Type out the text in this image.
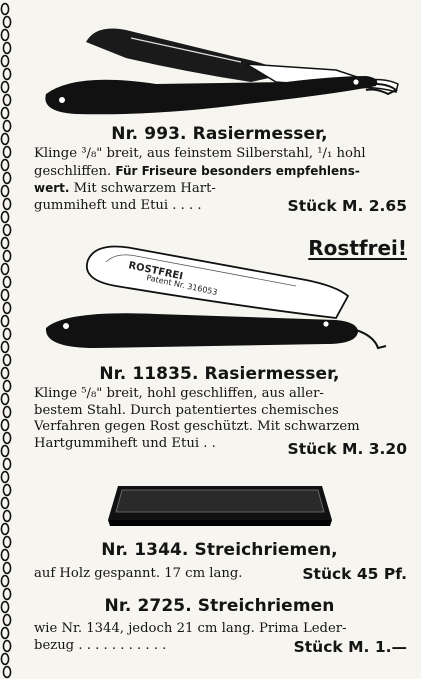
Nr. 993. Rasiermesser,
Klinge ³/₈" breit, aus feinstem Silberstahl, ¹/₁ hohl
geschliffen. Für Friseure besonders empfehlens-
wert. Mit schwarzem Hart-
gummiheft und Etui . . . .	Stück M. 2.65
Rostfrei!
ROSTFREI
Patent Nr. 316053
Nr. 11835. Rasiermesser,
Klinge ⁵/₈" breit, hohl geschliffen, aus aller-
bestem Stahl. Durch patentiertes chemisches
Verfahren gegen Rost geschützt. Mit schwarzem
Hartgummiheft und Etui . .	Stück M. 3.20
Nr. 1344. Streichriemen,
auf Holz gespannt. 17 cm lang.	Stück 45 Pf.
Nr. 2725. Streichriemen
wie Nr. 1344, jedoch 21 cm lang. Prima Leder-
bezug . . . . . . . . . . .	Stück M. 1.—
